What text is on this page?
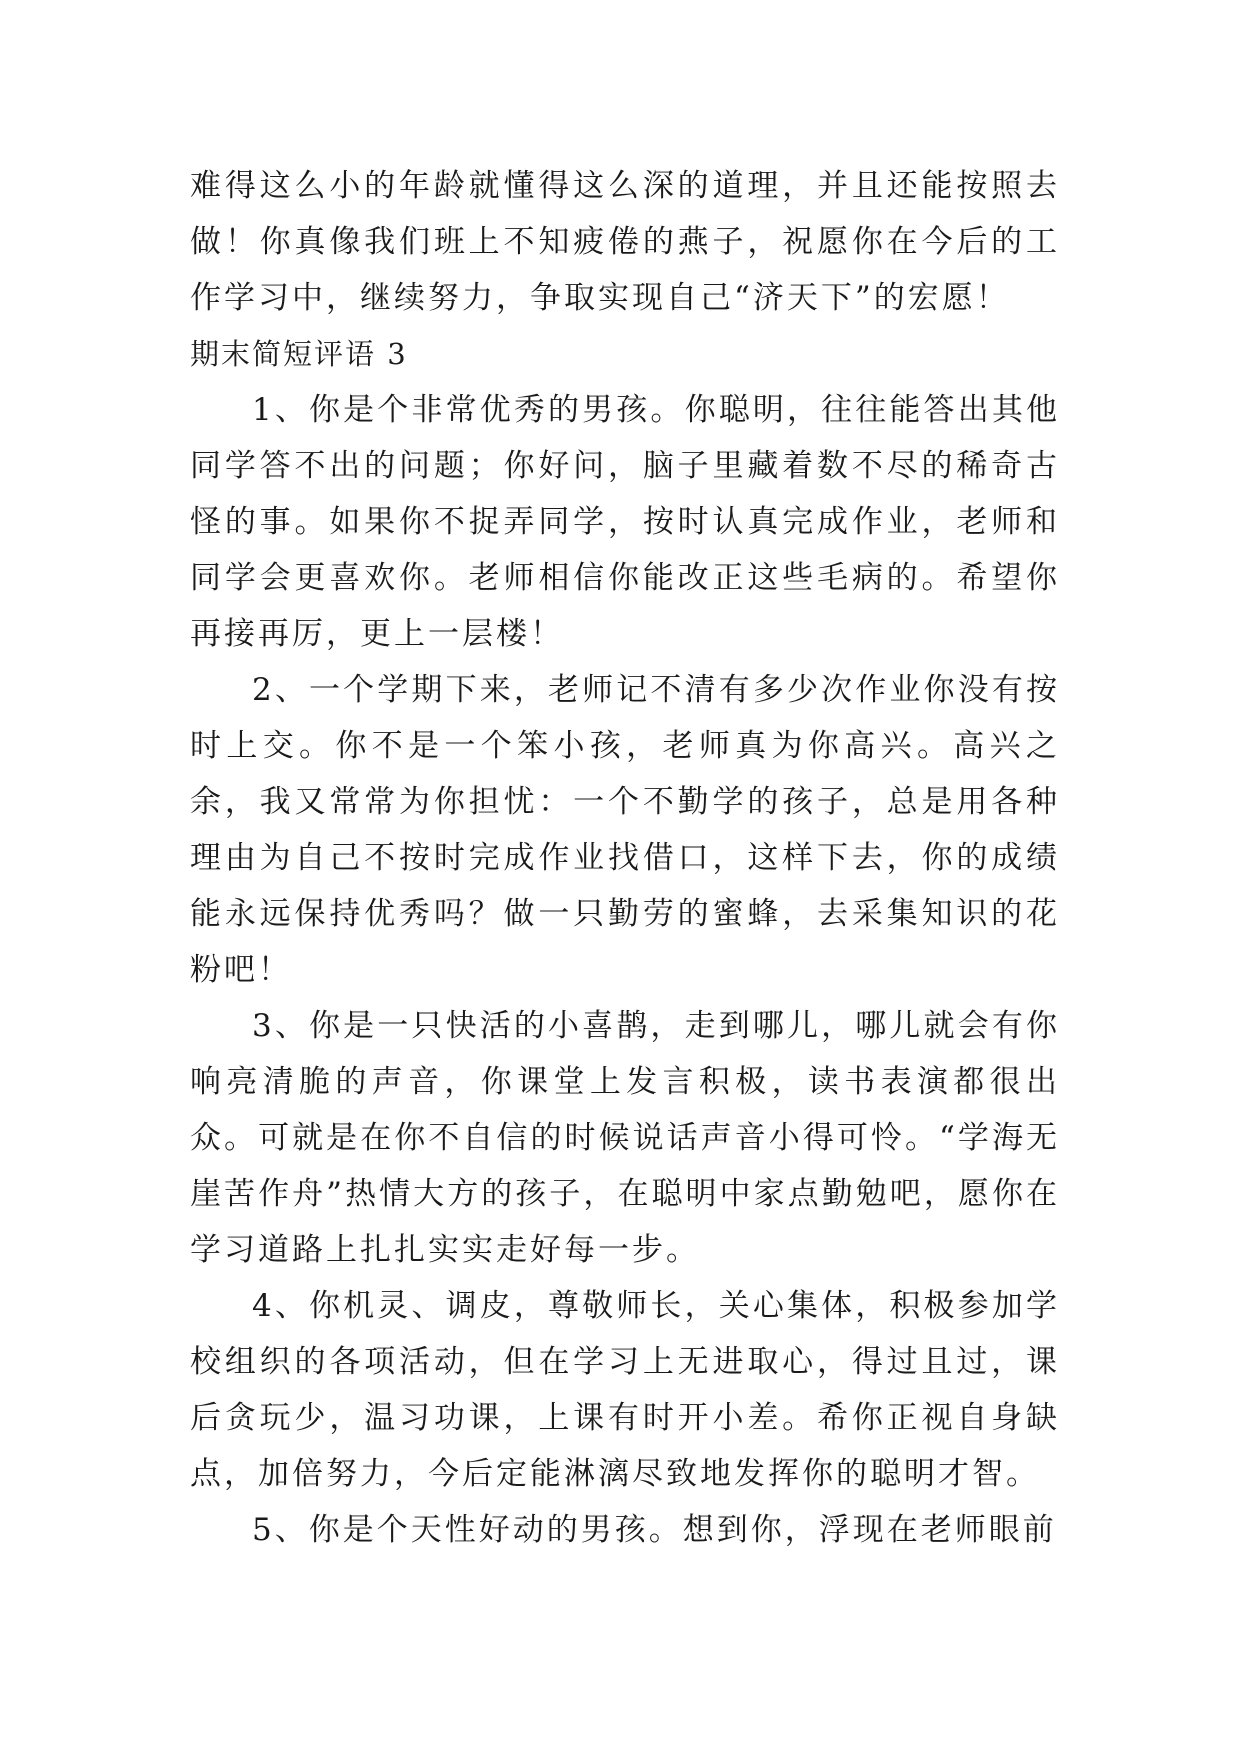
难得这么小的年龄就懂得这么深的道理，并且还能按照去做！你真像我们班上不知疲倦的燕子，祝愿你在今后的工作学习中，继续努力，争取实现自己“济天下”的宏愿！

期末简短评语 3

1、你是个非常优秀的男孩。你聪明，往往能答出其他同学答不出的问题；你好问，脑子里藏着数不尽的稀奇古怪的事。如果你不捉弄同学，按时认真完成作业，老师和同学会更喜欢你。老师相信你能改正这些毛病的。希望你再接再厉，更上一层楼！

2、一个学期下来，老师记不清有多少次作业你没有按时上交。你不是一个笨小孩，老师真为你高兴。高兴之余，我又常常为你担忧：一个不勤学的孩子，总是用各种理由为自己不按时完成作业找借口，这样下去，你的成绩能永远保持优秀吗？做一只勤劳的蜜蜂，去采集知识的花粉吧！

3、你是一只快活的小喜鹊，走到哪儿，哪儿就会有你响亮清脆的声音，你课堂上发言积极，读书表演都很出众。可就是在你不自信的时候说话声音小得可怜。“学海无崖苦作舟”热情大方的孩子，在聪明中家点勤勉吧，愿你在学习道路上扎扎实实走好每一步。

4、你机灵、调皮，尊敬师长，关心集体，积极参加学校组织的各项活动，但在学习上无进取心，得过且过，课后贪玩少，温习功课，上课有时开小差。希你正视自身缺点，加倍努力，今后定能淋漓尽致地发挥你的聪明才智。

5、你是个天性好动的男孩。想到你，浮现在老师眼前
